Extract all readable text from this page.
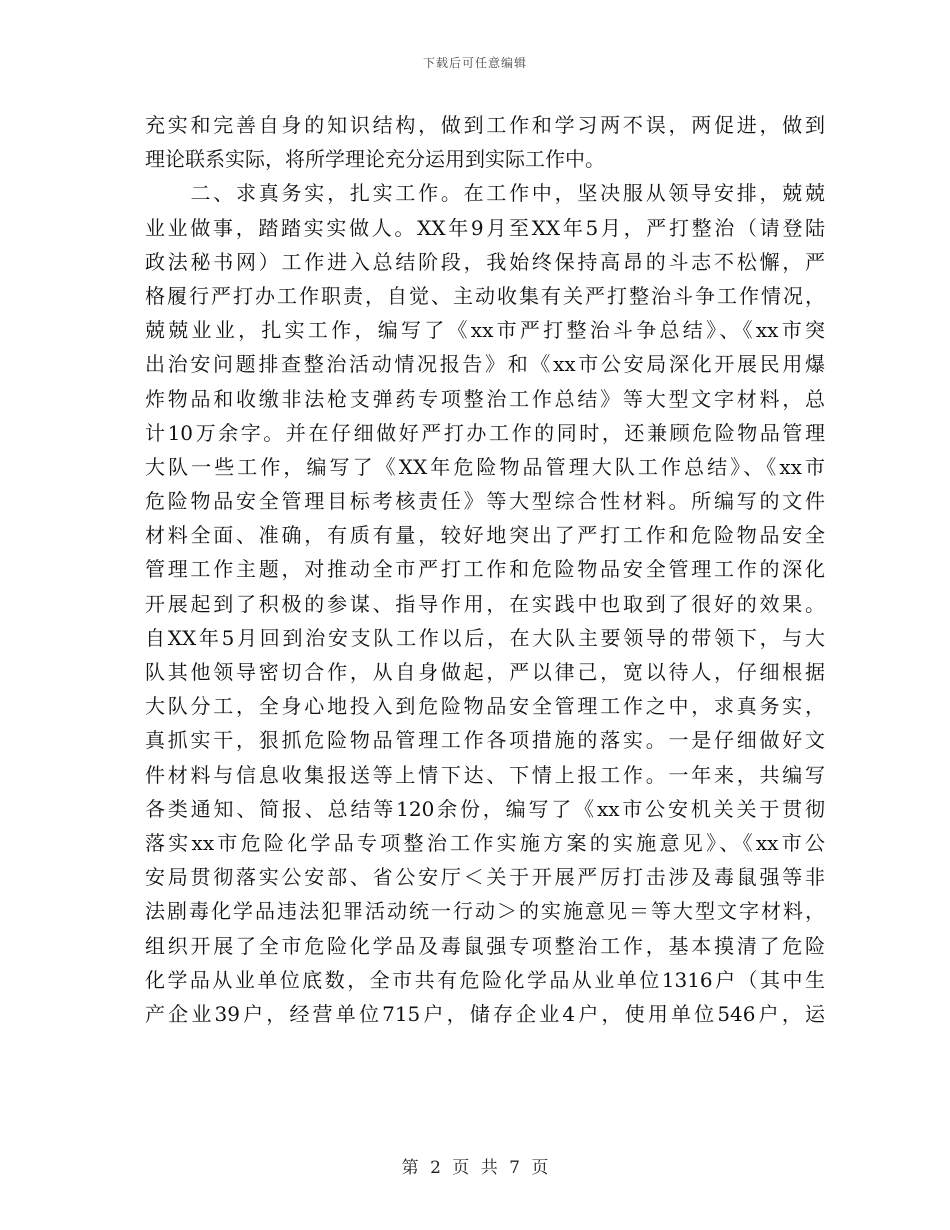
下载后可任意编辑
充实和完善自身的知识结构，做到工作和学习两不误，两促进，做到
理论联系实际，将所学理论充分运用到实际工作中。
　　二、求真务实，扎实工作。在工作中，坚决服从领导安排，兢兢
业业做事，踏踏实实做人。XX年9月至XX年5月，严打整治（请登陆
政法秘书网）工作进入总结阶段，我始终保持高昂的斗志不松懈，严
格履行严打办工作职责，自觉、主动收集有关严打整治斗争工作情况，
兢兢业业，扎实工作，编写了《xx市严打整治斗争总结》、《xx市突
出治安问题排查整治活动情况报告》和《xx市公安局深化开展民用爆
炸物品和收缴非法枪支弹药专项整治工作总结》等大型文字材料，总
计10万余字。并在仔细做好严打办工作的同时，还兼顾危险物品管理
大队一些工作，编写了《XX年危险物品管理大队工作总结》、《xx市
危险物品安全管理目标考核责任》等大型综合性材料。所编写的文件
材料全面、准确，有质有量，较好地突出了严打工作和危险物品安全
管理工作主题，对推动全市严打工作和危险物品安全管理工作的深化
开展起到了积极的参谋、指导作用，在实践中也取到了很好的效果。
自XX年5月回到治安支队工作以后，在大队主要领导的带领下，与大
队其他领导密切合作，从自身做起，严以律己，宽以待人，仔细根据
大队分工，全身心地投入到危险物品安全管理工作之中，求真务实，
真抓实干，狠抓危险物品管理工作各项措施的落实。一是仔细做好文
件材料与信息收集报送等上情下达、下情上报工作。一年来，共编写
各类通知、简报、总结等120余份，编写了《xx市公安机关关于贯彻
落实xx市危险化学品专项整治工作实施方案的实施意见》、《xx市公
安局贯彻落实公安部、省公安厅＜关于开展严厉打击涉及毒鼠强等非
法剧毒化学品违法犯罪活动统一行动＞的实施意见＝等大型文字材料，
组织开展了全市危险化学品及毒鼠强专项整治工作，基本摸清了危险
化学品从业单位底数，全市共有危险化学品从业单位1316户（其中生
产企业39户，经营单位715户，储存企业4户，使用单位546户，运
第 2 页 共 7 页
